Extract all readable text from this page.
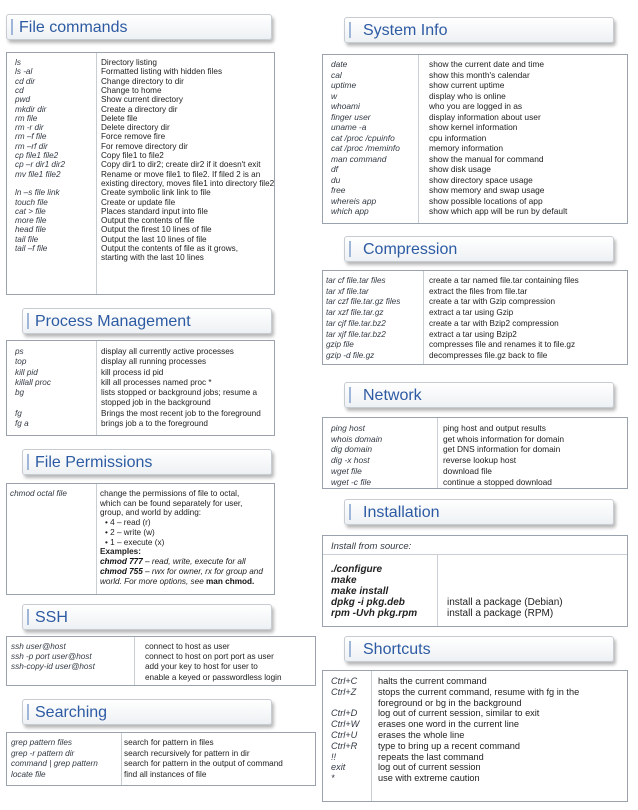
File commands
ls	Directory listing
ls -al	Formatted listing with hidden files
cd dir	Change directory to dir
cd	Change to home
pwd	Show current directory
mkdir dir	Create a directory dir
rm file	Delete file
rm -r dir	Delete directory dir
rm –f file	Force remove fire
rm –rf dir	For remove directory dir
cp file1 file2	Copy file1 to file2
cp –r dir1 dir2	Copy dir1 to dir2; create dir2 if it doesn't exit
mv file1 file2	Rename or move file1 to file2. If filed 2 is an
existing directory, moves file1 into directory file2
ln –s file link	Create symbolic link link to file
touch file	Create or update file
cat > file	Places standard input into file
more file	Output the contents of file
head file	Output the firest 10 lines of file
tail file	Output the last 10 lines of file
tail –f file	Output the contents of file as it grows,
starting with the last 10 lines
Process Management
ps	display all currently active processes
top	display all running processes
kill pid	kill process id pid
killall proc	kill all processes named proc *
bg	lists stopped or background jobs; resume a
stopped job in the background
fg	Brings the most recent job to the foreground
fg a	brings job a to the foreground
File Permissions
chmod octal file	change the permissions of file to octal,
which can be found separately for user,
group, and world by adding:
• 4 – read (r)
• 2 – write (w)
• 1 – execute (x)
Examples:
chmod 777 – read, write, execute for all
chmod 755 – rwx for owner, rx for group and
world. For more options, see man chmod.
SSH
ssh user@host	connect to host as user
ssh -p port user@host	connect to host on port port as user
ssh-copy-id user@host	add your key to host for user to
enable a keyed or passwordless login
Searching
grep pattern files	search for pattern in files
grep -r pattern dir	search recursively for pattern in dir
command | grep pattern	search for pattern in the output of command
locate file	find all instances of file
System Info
date	show the current date and time
cal	show this month's calendar
uptime	show current uptime
w	display who is online
whoami	who you are logged in as
finger user	display information about user
uname -a	show kernel information
cat /proc /cpuinfo	cpu information
cat /proc /meminfo	memory information
man command	show the manual for command
df	show disk usage
du	show directory space usage
free	show memory and swap usage
whereis app	show possible locations of app
which app	show which app will be run by default
Compression
tar cf file.tar files	create a tar named file.tar containing files
tar xf file.tar	extract the files from file.tar
tar czf file.tar.gz files	create a tar with Gzip compression
tar xzf file.tar.gz	extract a tar using Gzip
tar cjf file.tar.bz2	create a tar with Bzip2 compression
tar xjf file.tar.bz2	extract a tar using Bzip2
gzip file	compresses file and renames it to file.gz
gzip -d file.gz	decompresses file.gz back to file
Network
ping host	ping host and output results
whois domain	get whois information for domain
dig domain	get DNS information for domain
dig -x host	reverse lookup host
wget file	download file
wget -c file	continue a stopped download
Installation
Install from source:
./configure
make
make install
dpkg -i pkg.deb	install a package (Debian)
rpm -Uvh pkg.rpm	install a package (RPM)
Shortcuts
Ctrl+C halts the current command
Ctrl+Z stops the current command, resume with fg in the
foreground or bg in the background
Ctrl+D log out of current session, similar to exit
Ctrl+W erases one word in the current line
Ctrl+U erases the whole line
Ctrl+R type to bring up a recent command
!!	repeats the last command
exit	log out of current session
*	use with extreme caution
